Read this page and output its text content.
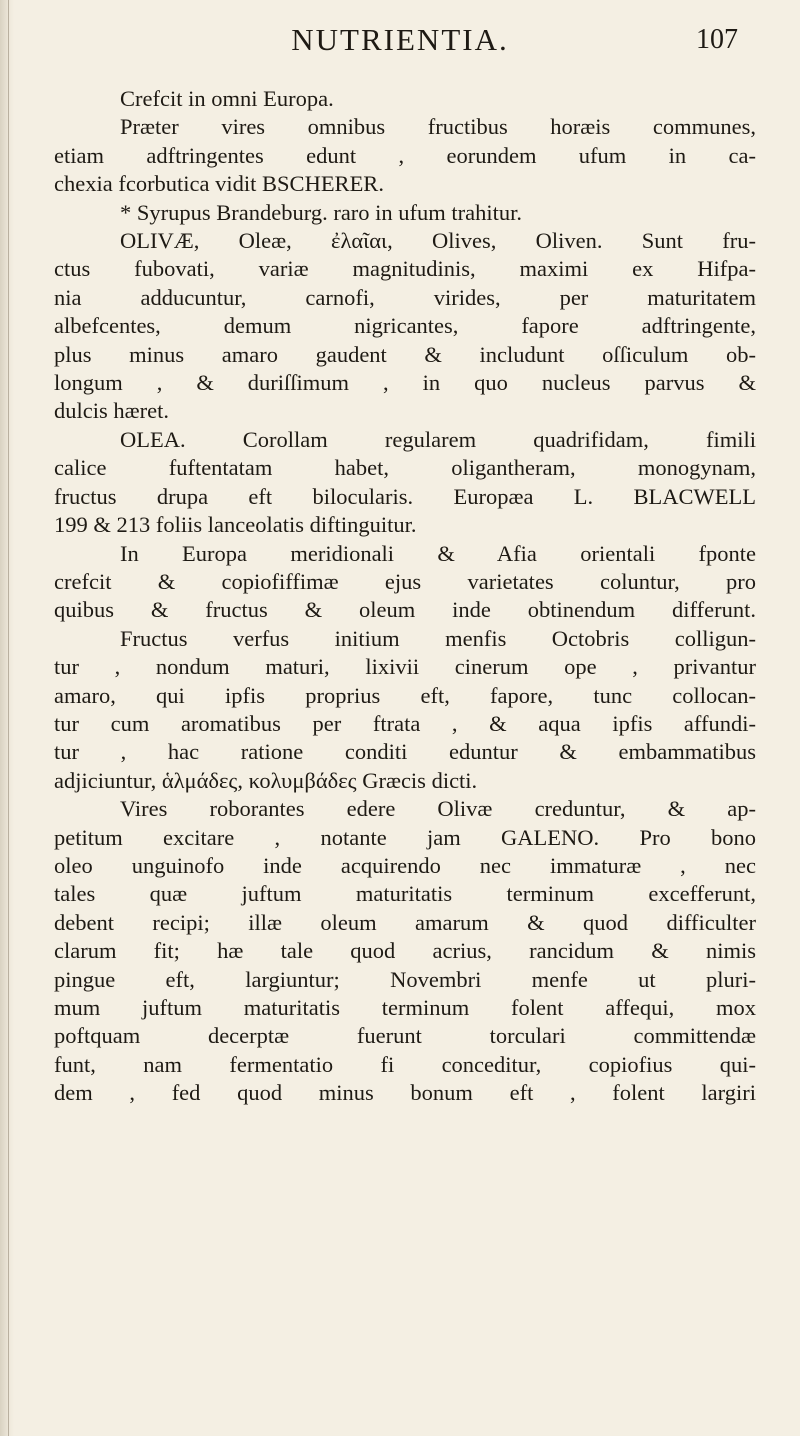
NUTRIENTIA.	107
Crefcit in omni Europa.
Præter vires omnibus fructibus horæis communes,
etiam adftringentes edunt , eorundem ufum in ca-
chexia fcorbutica vidit BSCHERER.
* Syrupus Brandeburg. raro in ufum trahitur.
OLIVÆ, Oleæ, ἐλαῖαι, Olives, Oliven. Sunt fru-
ctus fubovati, variæ magnitudinis, maximi ex Hifpa-
nia adducuntur, carnofi, virides, per maturitatem
albefcentes, demum nigricantes, fapore adftringente,
plus minus amaro gaudent & includunt oſſiculum ob-
longum , & duriſſimum , in quo nucleus parvus &
dulcis hæret.
OLEA. Corollam regularem quadrifidam, fimili
calice fuftentatam habet, oligantheram, monogynam,
fructus drupa eft bilocularis. Europæa L. BLACWELL
199 & 213 foliis lanceolatis diftinguitur.
In Europa meridionali & Afia orientali fponte
crefcit & copiofiffimæ ejus varietates coluntur, pro
quibus & fructus & oleum inde obtinendum differunt.
Fructus verfus initium menfis Octobris colligun-
tur , nondum maturi, lixivii cinerum ope , privantur
amaro, qui ipfis proprius eft, fapore, tunc collocan-
tur cum aromatibus per ftrata , & aqua ipfis affundi-
tur , hac ratione conditi eduntur & embammatibus
adjiciuntur, ἁλμάδες, κολυμβάδες Græcis dicti.
Vires roborantes edere Olivæ creduntur, & ap-
petitum excitare , notante jam GALENO. Pro bono
oleo unguinofo inde acquirendo nec immaturæ , nec
tales quæ juftum maturitatis terminum excefferunt,
debent recipi; illæ oleum amarum & quod difficulter
clarum fit; hæ tale quod acrius, rancidum & nimis
pingue eft, largiuntur; Novembri menfe ut pluri-
mum juftum maturitatis terminum folent affequi, mox
poftquam decerptæ fuerunt torculari committendæ
funt, nam fermentatio fi conceditur, copiofius qui-
dem , fed quod minus bonum eft , folent largiri
